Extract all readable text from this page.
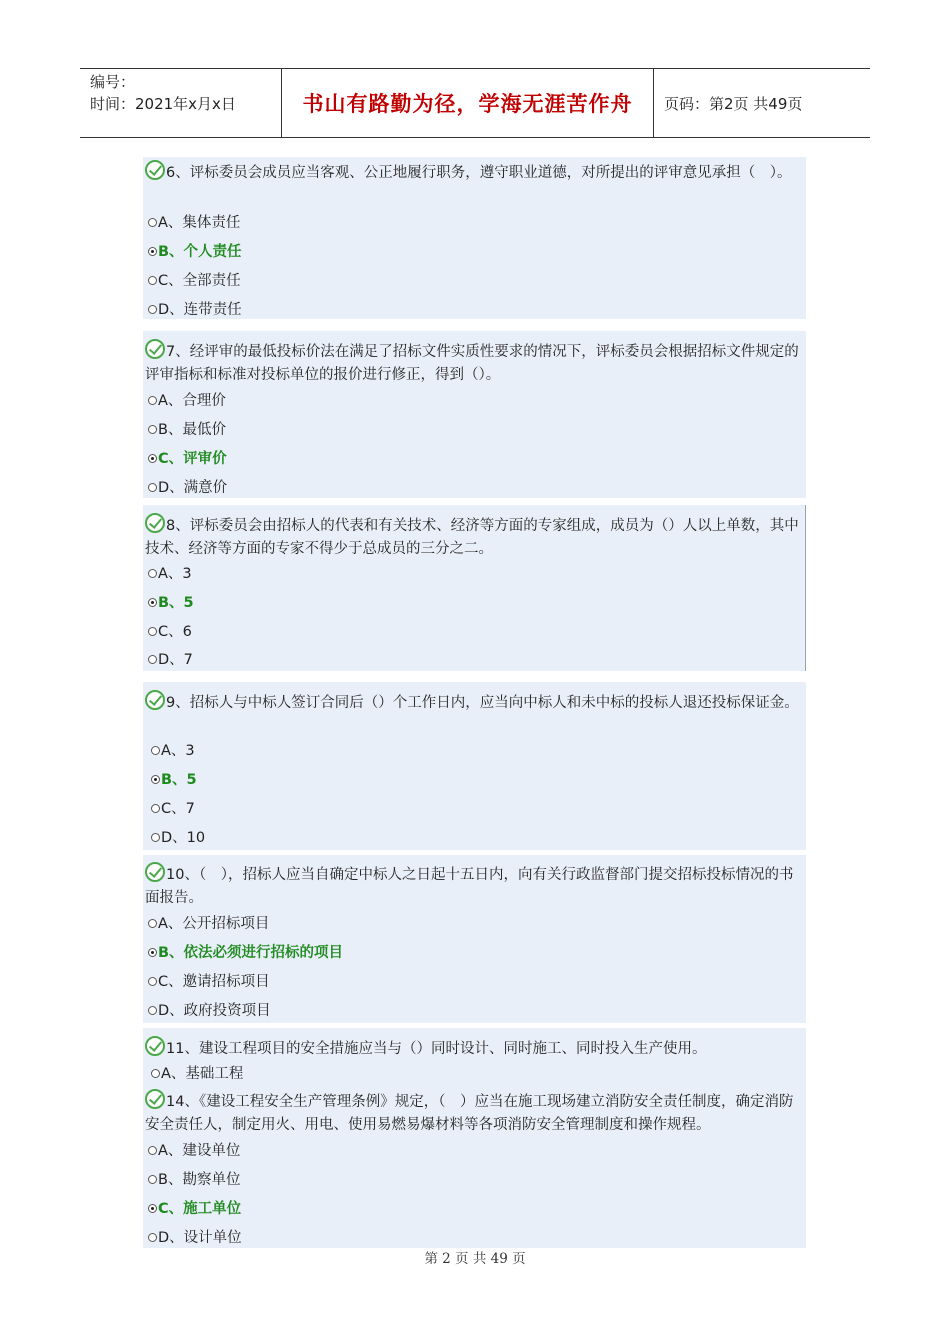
编号：
时间：2021年x月x日	书山有路勤为径，学海无涯苦作舟	页码：第2页 共49页
6、评标委员会成员应当客观、公正地履行职务，遵守职业道德，对所提出的评审意见承担（　）。
A、集体责任
B、个人责任
C、全部责任
D、连带责任
7、经评审的最低投标价法在满足了招标文件实质性要求的情况下，评标委员会根据招标文件规定的评审指标和标准对投标单位的报价进行修正，得到（）。
A、合理价
B、最低价
C、评审价
D、满意价
8、评标委员会由招标人的代表和有关技术、经济等方面的专家组成，成员为（）人以上单数，其中技术、经济等方面的专家不得少于总成员的三分之二。
A、3
B、5
C、6
D、7
9、招标人与中标人签订合同后（）个工作日内，应当向中标人和未中标的投标人退还投标保证金。
A、3
B、5
C、7
D、10
10、（　），招标人应当自确定中标人之日起十五日内，向有关行政监督部门提交招标投标情况的书面报告。
A、公开招标项目
B、依法必须进行招标的项目
C、邀请招标项目
D、政府投资项目
11、建设工程项目的安全措施应当与（）同时设计、同时施工、同时投入生产使用。
A、基础工程
14、《建设工程安全生产管理条例》规定，（　）应当在施工现场建立消防安全责任制度，确定消防安全责任人，制定用火、用电、使用易燃易爆材料等各项消防安全管理制度和操作规程。
A、建设单位
B、勘察单位
C、施工单位
D、设计单位
第 2 页 共 49 页
